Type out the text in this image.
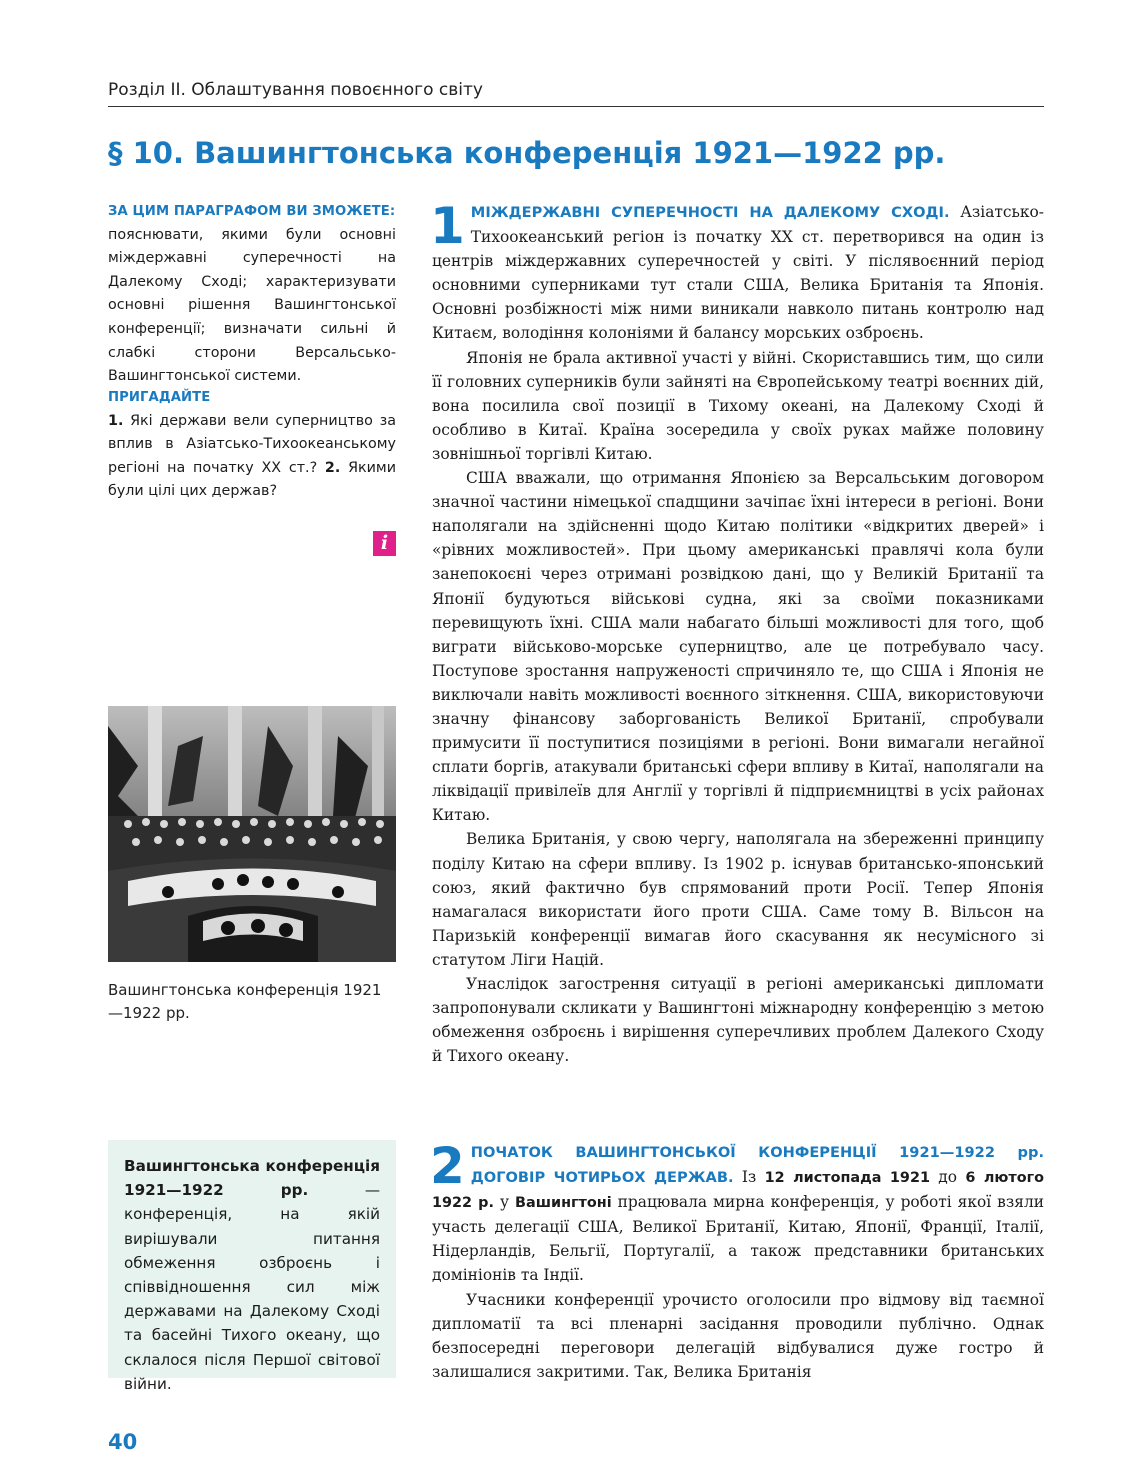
Розділ ІІ. Облаштування повоєнного світу
§ 10. Вашингтонська конференція 1921—1922 рр.
ЗА ЦИМ ПАРАГРАФОМ ВИ ЗМОЖЕТЕ:
пояснювати, якими були основні міждержавні суперечності на Далекому Сході; характеризувати основні рішення Вашингтонської конференції; визначати сильні й слабкі сторони Версальсько-Вашингтонської системи.
ПРИГАДАЙТЕ
1. Які держави вели суперництво за вплив в Азіатсько-Тихоокеанському регіоні на початку ХХ ст.? 2. Якими були цілі цих держав?
i
Вашингтонська конференція 1921—1922 рр.
Вашингтонська конференція 1921—1922 рр. — конференція, на якій вирішували питання обмеження озброєнь і співвідношення сил між державами на Далекому Сході та басейні Тихого океану, що склалося після Першої світової війни.
1 МІЖДЕРЖАВНІ СУПЕРЕЧНОСТІ НА ДАЛЕКОМУ СХОДІ. Азіатсько-Тихоокеанський регіон із початку ХХ ст. перетворився на один із центрів міждержавних суперечностей у світі. У післявоєнний період основними суперниками тут стали США, Велика Британія та Японія. Основні розбіжності між ними виникали навколо питань контролю над Китаєм, володіння колоніями й балансу морських озброєнь.

Японія не брала активної участі у війні. Скориставшись тим, що сили її головних суперників були зайняті на Європейському театрі воєнних дій, вона посилила свої позиції в Тихому океані, на Далекому Сході й особливо в Китаї. Країна зосередила у своїх руках майже половину зовнішньої торгівлі Китаю.

США вважали, що отримання Японією за Версальським договором значної частини німецької спадщини зачіпає їхні інтереси в регіоні. Вони наполягали на здійсненні щодо Китаю політики «відкритих дверей» і «рівних можливостей». При цьому американські правлячі кола були занепокоєні через отримані розвідкою дані, що у Великій Британії та Японії будуються військові судна, які за своїми показниками перевищують їхні. США мали набагато більші можливості для того, щоб виграти військово-морське суперництво, але це потребувало часу. Поступове зростання напруженості спричиняло те, що США і Японія не виключали навіть можливості воєнного зіткнення. США, використовуючи значну фінансову заборгованість Великої Британії, спробували примусити її поступитися позиціями в регіоні. Вони вимагали негайної сплати боргів, атакували британські сфери впливу в Китаї, наполягали на ліквідації привілеїв для Англії у торгівлі й підприємництві в усіх районах Китаю.

Велика Британія, у свою чергу, наполягала на збереженні принципу поділу Китаю на сфери впливу. Із 1902 р. існував британсько-японський союз, який фактично був спрямований проти Росії. Тепер Японія намагалася використати його проти США. Саме тому В. Вільсон на Паризькій конференції вимагав його скасування як несумісного зі статутом Ліги Націй.

Унаслідок загострення ситуації в регіоні американські дипломати запропонували скликати у Вашингтоні міжнародну конференцію з метою обмеження озброєнь і вирішення суперечливих проблем Далекого Сходу й Тихого океану.

2 ПОЧАТОК ВАШИНГТОНСЬКОЇ КОНФЕРЕНЦІЇ 1921—1922 рр. ДОГОВІР ЧОТИРЬОХ ДЕРЖАВ. Із 12 листопада 1921 до 6 лютого 1922 р. у Вашингтоні працювала мирна конференція, у роботі якої взяли участь делегації США, Великої Британії, Китаю, Японії, Франції, Італії, Нідерландів, Бельгії, Португалії, а також представники британських домініонів та Індії.

Учасники конференції урочисто оголосили про відмову від таємної дипломатії та всі пленарні засідання проводили публічно. Однак безпосередні переговори делегацій відбувалися дуже гостро й залишалися закритими. Так, Велика Британія

40
